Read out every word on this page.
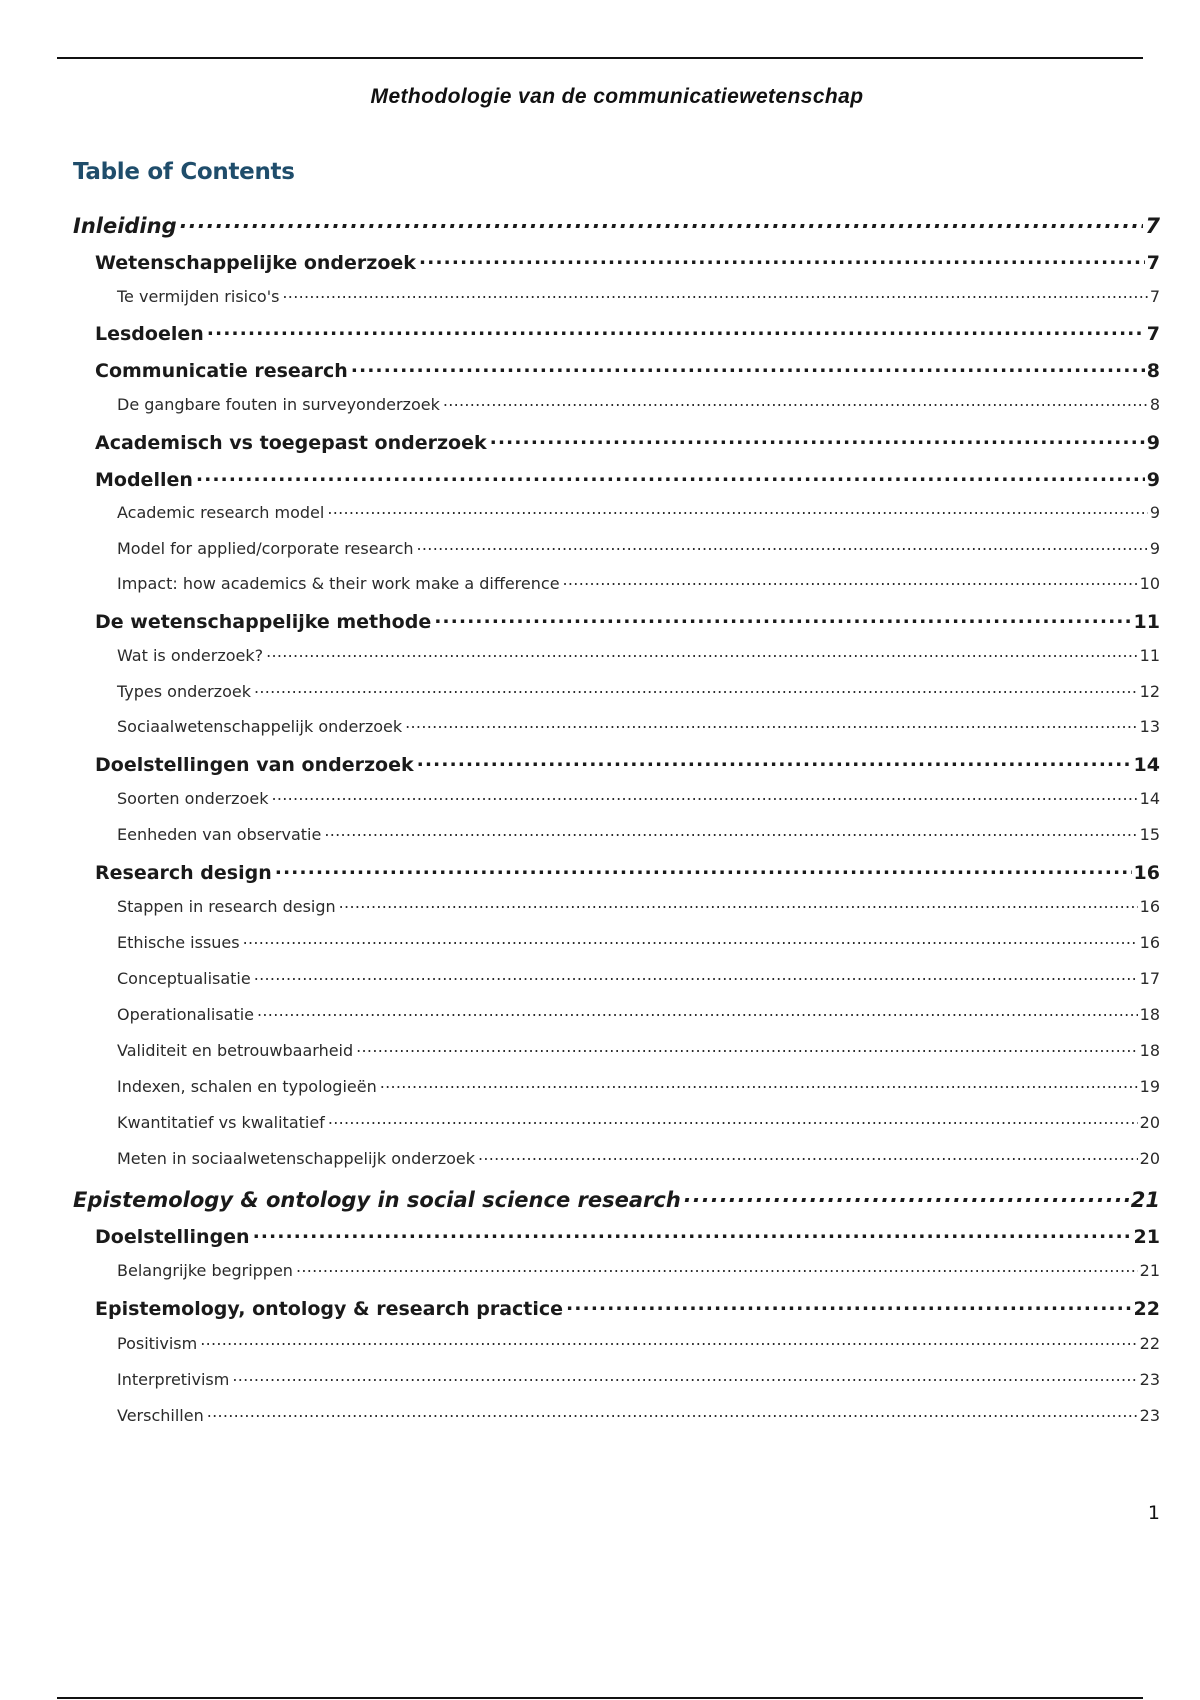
Methodologie van de communicatiewetenschap
Table of Contents
Inleiding .....	7
Wetenschappelijke onderzoek .....	7
Te vermijden risico's .....	7
Lesdoelen .....	7
Communicatie research .....	8
De gangbare fouten in surveyonderzoek .....	8
Academisch vs toegepast onderzoek .....	9
Modellen .....	9
Academic research model .....	9
Model for applied/corporate research .....	9
Impact: how academics & their work make a difference .....	10
De wetenschappelijke methode .....	11
Wat is onderzoek? .....	11
Types onderzoek .....	12
Sociaalwetenschappelijk onderzoek .....	13
Doelstellingen van onderzoek .....	14
Soorten onderzoek .....	14
Eenheden van observatie .....	15
Research design .....	16
Stappen in research design .....	16
Ethische issues .....	16
Conceptualisatie .....	17
Operationalisatie .....	18
Validiteit en betrouwbaarheid .....	18
Indexen, schalen en typologieën .....	19
Kwantitatief vs kwalitatief .....	20
Meten in sociaalwetenschappelijk onderzoek .....	20
Epistemology & ontology in social science research .....	21
Doelstellingen .....	21
Belangrijke begrippen .....	21
Epistemology, ontology & research practice .....	22
Positivism .....	22
Interpretivism .....	23
Verschillen .....	23
1
